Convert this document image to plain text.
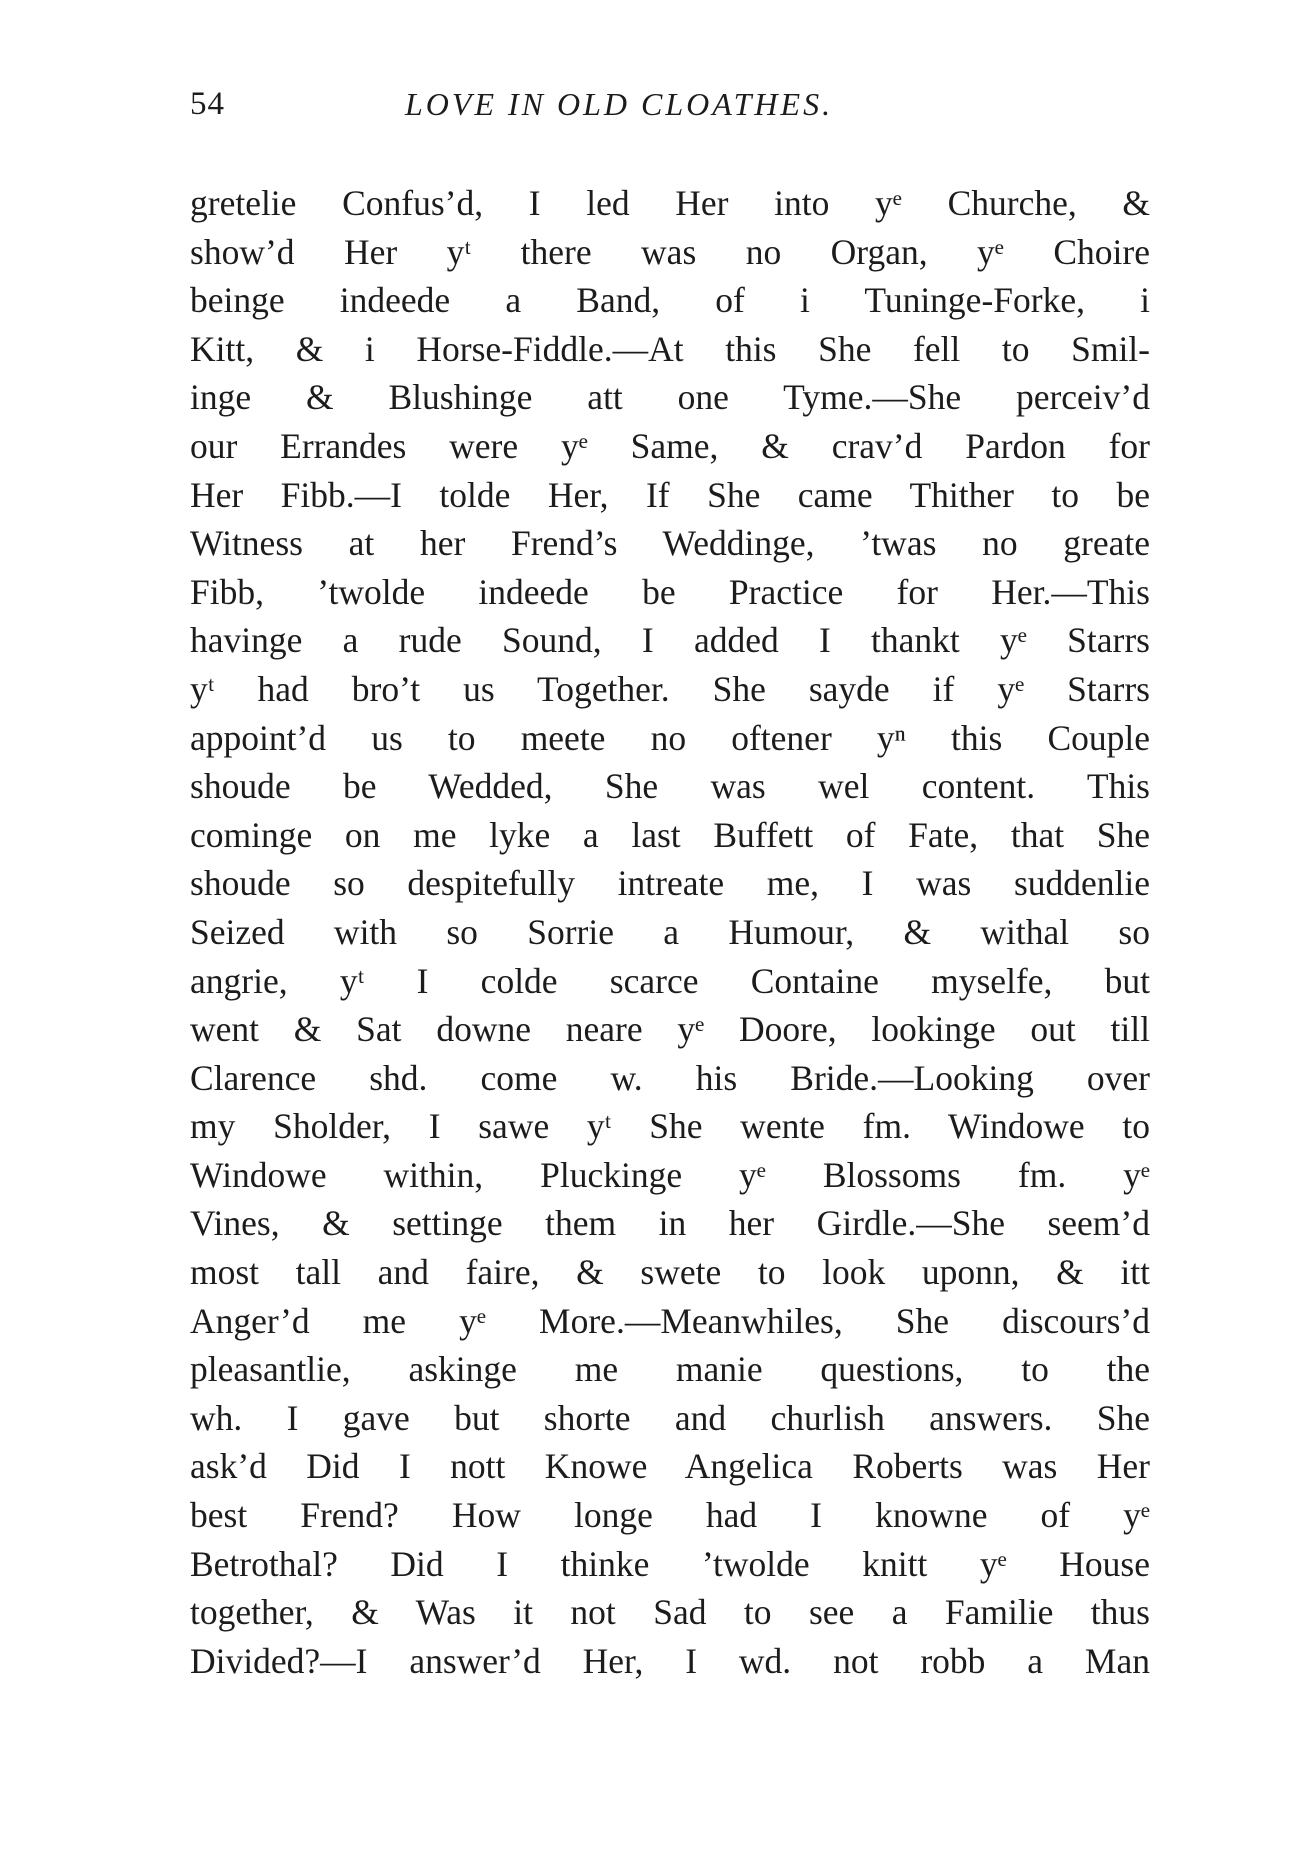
54	LOVE IN OLD CLOATHES.
gretelie Confus’d, I led Her into yᵉ Churche, &
show’d Her yᵗ there was no Organ, yᵉ Choire
beinge indeede a Band, of i Tuninge-Forke, i
Kitt, & i Horse-Fiddle.—At this She fell to Smil-
inge & Blushinge att one Tyme.—She perceiv’d
our Errandes were yᵉ Same, & crav’d Pardon for
Her Fibb.—I tolde Her, If She came Thither to be
Witness at her Frend’s Weddinge, ’twas no greate
Fibb, ’twolde indeede be Practice for Her.—This
havinge a rude Sound, I added I thankt yᵉ Starrs
yᵗ had bro’t us Together. She sayde if yᵉ Starrs
appoint’d us to meete no oftener yⁿ this Couple
shoude be Wedded, She was wel content. This
cominge on me lyke a last Buffett of Fate, that She
shoude so despitefully intreate me, I was suddenlie
Seized with so Sorrie a Humour, & withal so
angrie, yᵗ I colde scarce Containe myselfe, but
went & Sat downe neare yᵉ Doore, lookinge out till
Clarence shd. come w. his Bride.—Looking over
my Sholder, I sawe yᵗ She wente fm. Windowe to
Windowe within, Pluckinge yᵉ Blossoms fm. yᵉ
Vines, & settinge them in her Girdle.—She seem’d
most tall and faire, & swete to look uponn, & itt
Anger’d me yᵉ More.—Meanwhiles, She discours’d
pleasantlie, askinge me manie questions, to the
wh. I gave but shorte and churlish answers. She
ask’d Did I nott Knowe Angelica Roberts was Her
best Frend? How longe had I knowne of yᵉ
Betrothal? Did I thinke ’twolde knitt yᵉ House
together, & Was it not Sad to see a Familie thus
Divided?—I answer’d Her, I wd. not robb a Man
